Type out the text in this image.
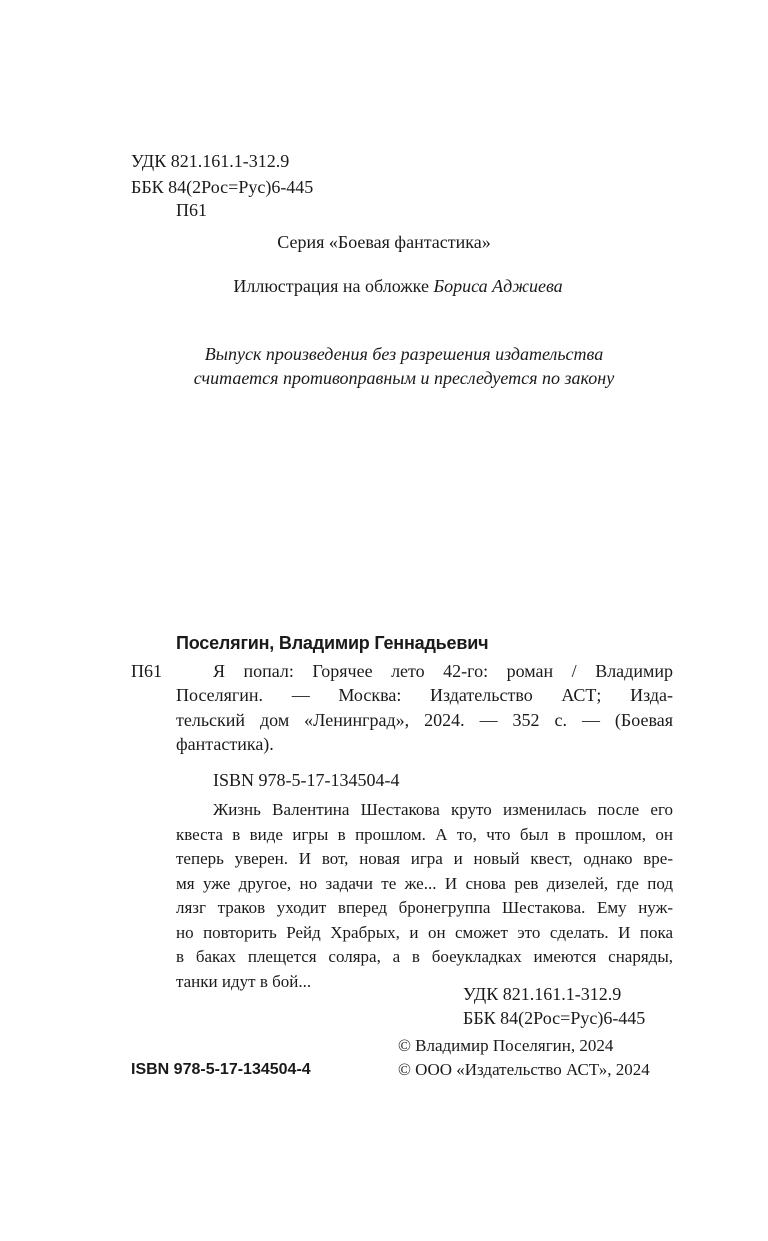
УДК 821.161.1-312.9
ББК 84(2Рос=Рус)6-445
П61
Серия «Боевая фантастика»
Иллюстрация на обложке Бориса Аджиева
Выпуск произведения без разрешения издательства
считается противоправным и преследуется по закону
Поселягин, Владимир Геннадьевич
П61	Я попал: Горячее лето 42-го: роман / Владимир
Поселягин. — Москва: Издательство АСТ; Изда-
тельский дом «Ленинград», 2024. — 352 с. — (Боевая
фантастика).
ISBN 978-5-17-134504-4
Жизнь Валентина Шестакова круто изменилась после его
квеста в виде игры в прошлом. А то, что был в прошлом, он
теперь уверен. И вот, новая игра и новый квест, однако вре-
мя уже другое, но задачи те же... И снова рев дизелей, где под
лязг траков уходит вперед бронегруппа Шестакова. Ему нуж-
но повторить Рейд Храбрых, и он сможет это сделать. И пока
в баках плещется соляра, а в боеукладках имеются снаряды,
танки идут в бой...
УДК 821.161.1-312.9
ББК 84(2Рос=Рус)6-445
© Владимир Поселягин, 2024
© ООО «Издательство АСТ», 2024
ISBN 978-5-17-134504-4
